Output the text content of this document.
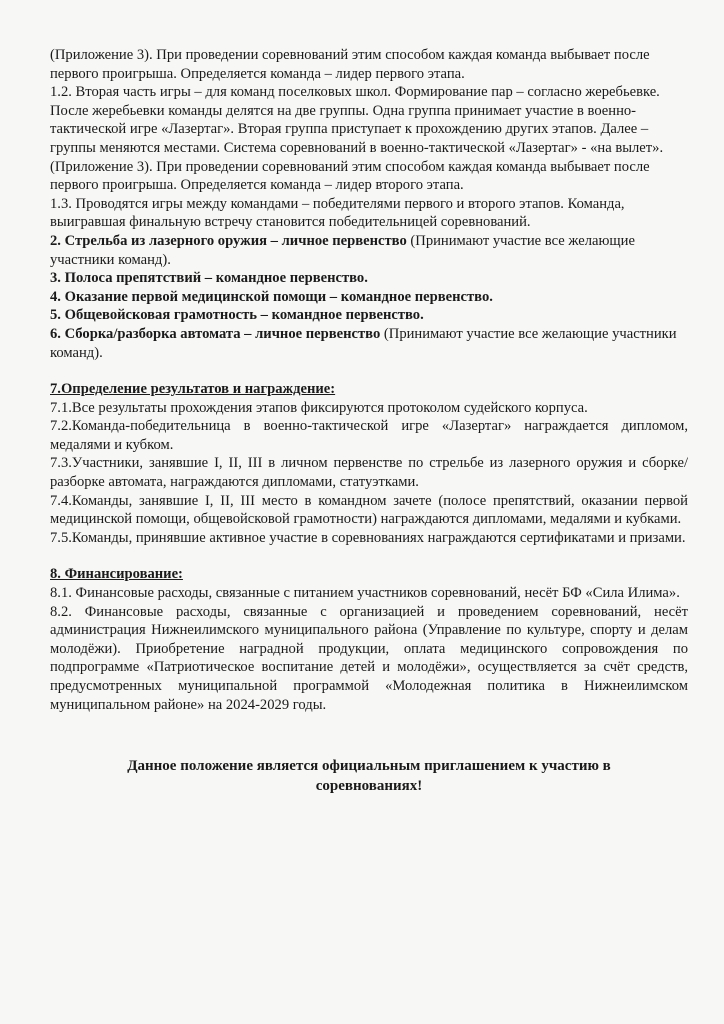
(Приложение 3). При проведении соревнований этим способом каждая команда выбывает после первого проигрыша. Определяется команда – лидер первого этапа.

1.2. Вторая часть игры – для команд поселковых школ. Формирование пар – согласно жеребьевке. После жеребьевки команды делятся на две группы. Одна группа принимает участие в военно-тактической игре «Лазертаг». Вторая группа приступает к прохождению других этапов. Далее – группы меняются местами. Система соревнований в военно-тактической «Лазертаг» - «на вылет». (Приложение 3). При проведении соревнований этим способом каждая команда выбывает после первого проигрыша. Определяется команда – лидер второго этапа.

1.3. Проводятся игры между командами – победителями первого и второго этапов. Команда, выигравшая финальную встречу становится победительницей соревнований.

2. Стрельба из лазерного оружия – личное первенство (Принимают участие все желающие участники команд).

3. Полоса препятствий – командное первенство.

4. Оказание первой медицинской помощи – командное первенство.

5. Общевойсковая грамотность – командное первенство.

6. Сборка/разборка автомата – личное первенство (Принимают участие все желающие участники команд).

7.Определение результатов и награждение:

7.1.Все результаты прохождения этапов фиксируются протоколом судейского корпуса.

7.2.Команда-победительница в военно-тактической игре «Лазертаг» награждается дипломом, медалями и кубком.

7.3.Участники, занявшие I, II, III в личном первенстве по стрельбе из лазерного оружия и сборке/разборке автомата, награждаются дипломами, статуэтками.

7.4.Команды, занявшие I, II, III место в командном зачете (полосе препятствий, оказании первой медицинской помощи, общевойсковой грамотности) награждаются дипломами, медалями и кубками.

7.5.Команды, принявшие активное участие в соревнованиях награждаются сертификатами и призами.

8. Финансирование:

8.1. Финансовые расходы, связанные с питанием участников соревнований, несёт БФ «Сила Илима».

8.2. Финансовые расходы, связанные с организацией и проведением соревнований, несёт администрация Нижнеилимского муниципального района (Управление по культуре, спорту и делам молодёжи). Приобретение наградной продукции, оплата медицинского сопровождения по подпрограмме «Патриотическое воспитание детей и молодёжи», осуществляется за счёт средств, предусмотренных муниципальной программой «Молодежная политика в Нижнеилимском муниципальном районе» на 2024-2029 годы.

Данное положение является официальным приглашением к участию в соревнованиях!
